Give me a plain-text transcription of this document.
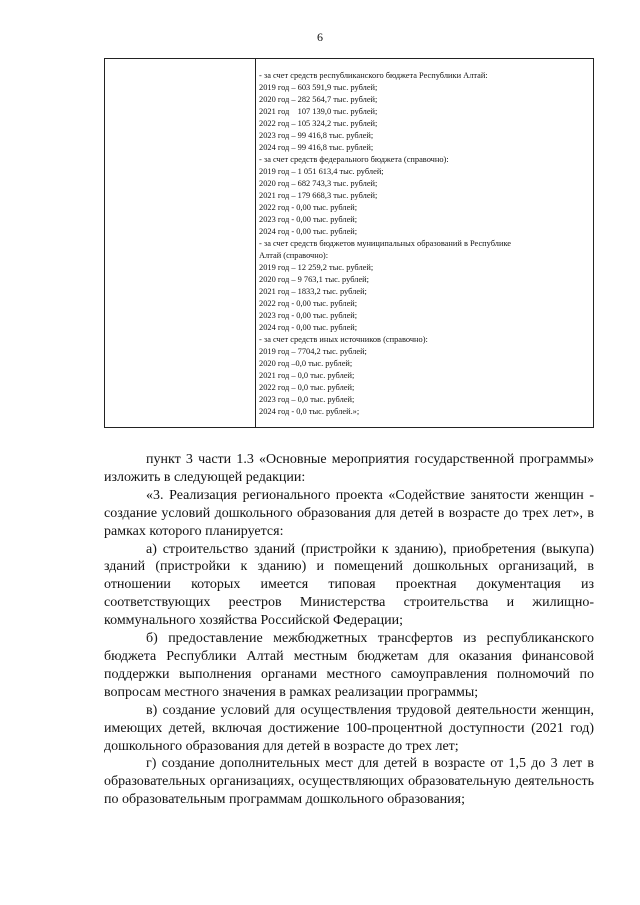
6
- за счет средств республиканского бюджета Республики Алтай:
2019 год – 603 591,9 тыс. рублей;
2020 год – 282 564,7 тыс. рублей;
2021 год    107 139,0 тыс. рублей;
2022 год – 105 324,2 тыс. рублей;
2023 год – 99 416,8 тыс. рублей;
2024 год – 99 416,8 тыс. рублей;
- за счет средств федерального бюджета (справочно):
2019 год – 1 051 613,4 тыс. рублей;
2020 год – 682 743,3 тыс. рублей;
2021 год – 179 668,3 тыс. рублей;
2022 год - 0,00 тыс. рублей;
2023 год - 0,00 тыс. рублей;
2024 год - 0,00 тыс. рублей;
- за счет средств бюджетов муниципальных образований в Республике
Алтай (справочно):
2019 год – 12 259,2 тыс. рублей;
2020 год – 9 763,1 тыс. рублей;
2021 год – 1833,2 тыс. рублей;
2022 год - 0,00 тыс. рублей;
2023 год - 0,00 тыс. рублей;
2024 год - 0,00 тыс. рублей;
- за счет средств иных источников (справочно):
2019 год – 7704,2 тыс. рублей;
2020 год –0,0 тыс. рублей;
2021 год – 0,0 тыс. рублей;
2022 год – 0,0 тыс. рублей;
2023 год – 0,0 тыс. рублей;
2024 год - 0,0 тыс. рублей.»;

пункт 3 части 1.3 «Основные мероприятия государственной программы» изложить в следующей редакции:

«3. Реализация регионального проекта «Содействие занятости женщин - создание условий дошкольного образования для детей в возрасте до трех лет», в рамках которого планируется:

а) строительство зданий (пристройки к зданию), приобретения (выкупа) зданий (пристройки к зданию) и помещений дошкольных организаций, в отношении которых имеется типовая проектная документация из соответствующих реестров Министерства строительства и жилищно-коммунального хозяйства Российской Федерации;

б) предоставление межбюджетных трансфертов из республиканского бюджета Республики Алтай местным бюджетам для оказания финансовой поддержки выполнения органами местного самоуправления полномочий по вопросам местного значения в рамках реализации программы;

в) создание условий для осуществления трудовой деятельности женщин, имеющих детей, включая достижение 100-процентной доступности (2021 год) дошкольного образования для детей в возрасте до трех лет;

г) создание дополнительных мест для детей в возрасте от 1,5 до 3 лет в образовательных организациях, осуществляющих образовательную деятельность по образовательным программам дошкольного образования;
